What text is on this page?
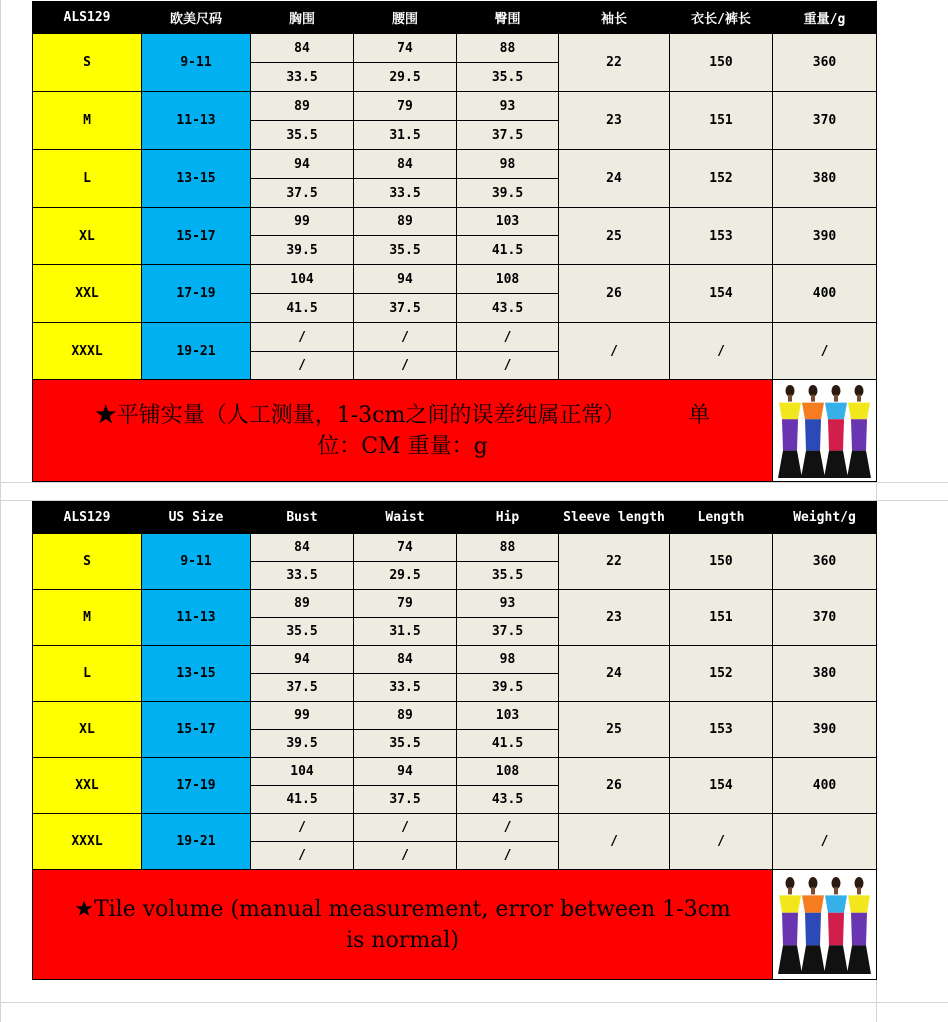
ALS129	欧美尺码	胸围	腰围	臀围	袖长	衣长/裤长	重量/g
S	9-11	84	74	88	22	150	360
		33.5	29.5	35.5			
M	11-13	89	79	93	23	151	370
		35.5	31.5	37.5			
L	13-15	94	84	98	24	152	380
		37.5	33.5	39.5			
XL	15-17	99	89	103	25	153	390
		39.5	35.5	41.5			
XXL	17-19	104	94	108	26	154	400
		41.5	37.5	43.5			
XXXL	19-21	/	/	/	/	/	/
		/	/	/			

★平铺实量（人工测量，1-3cm之间的误差纯属正常）         单
位：CM 重量：g

ALS129	US Size	Bust	Waist	Hip	Sleeve length	Length	Weight/g
S	9-11	84	74	88	22	150	360
		33.5	29.5	35.5			
M	11-13	89	79	93	23	151	370
		35.5	31.5	37.5			
L	13-15	94	84	98	24	152	380
		37.5	33.5	39.5			
XL	15-17	99	89	103	25	153	390
		39.5	35.5	41.5			
XXL	17-19	104	94	108	26	154	400
		41.5	37.5	43.5			
XXXL	19-21	/	/	/	/	/	/
		/	/	/			

★Tile volume (manual measurement, error between 1-3cm
is normal)
